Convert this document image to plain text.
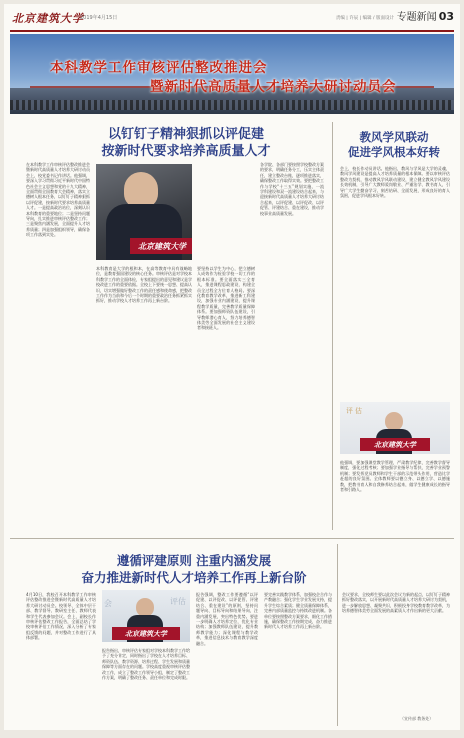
北京建筑大学
2019年4月15日	责编 | 许辰 | 编辑 / 版面设计 专题新闻 03
本科教学工作审核评估整改推进会
暨新时代高质量人才培养大研讨动员会
以钉钉子精神狠抓以评促建
按新时代要求培养高质量人才
在本科教学工作审核评估整改推进会暨新时代高质量人才培养大研讨动员会上，校党委书记作讲话。他强调，要深入学习贯彻习近平新时代中国特色社会主义思想和党的十九大精神，全面贯彻全国教育大会精神，落实立德树人根本任务，以钉钉子精神狠抓以评促建，按新时代要求培养高质量人才。一是提高政治站位，深刻认识本科教育的重要地位；二是坚持问题导向，扎实推进审核评估整改工作；三是聚焦内涵发展，全面提升人才培养质量；四是加强组织领导，确保各项工作落到实处。
北京建筑大学
本科教育是大学的根和本，在高等教育中具有战略地位，是教育强国建设的核心任务。审核评估是对学校本科教学工作的全面体检，专家组提出的意见和建议是学校改进工作的重要依据。全校上下要统一思想、提高认识，切实增强做好整改工作的责任感和使命感，把整改工作作为当前和今后一个时期的重要政治任务抓紧抓实抓好，推动学校人才培养工作再上新台阶。
要坚持以学生为中心，把立德树人成效作为检验学校一切工作的根本标准。要全面落实三全育人，推进课程思政建设，构建全员全过程全方位育人格局。要深化教育教学改革，推进新工科建设，加强专业内涵建设，提升课程教学质量，完善教学质量保障体系。要加强师资队伍建设，引导教师潜心育人，努力培养德智体美劳全面发展的社会主义建设者和接班人。
各学院、各部门要按照学校整改方案的要求，明确任务分工，压实主体责任，建立整改台账，逐项推进落实，确保整改工作取得实效。要把整改工作与学校“十三五”规划实施、一流学科建设和双一流建设结合起来，与迎接新时代高质量人才培养大研讨结合起来，以评促建、以评促改、以评促管、评建结合、重在建设，推动学校事业高质量发展。
教风学风联动
促进学风根本好转
会上，校长作动员讲话。他指出，教风与学风是大学的灵魂，教风学风建设是提高人才培养质量的根本保障。要以审核评估整改为契机，推动教风学风联动建设，建立健全教风学风建设长效机制，引导广大教师爱岗敬业、严谨治学、教书育人，引导广大学生勤奋学习、刻苦钻研、全面发展，形成良好的育人氛围，促进学风根本好转。
评估
北京建筑大学
他强调，要加强课堂教学管理，严肃教学纪律，完善教学督导制度，强化过程考核；要加强学业指导与帮扶，完善学业预警机制；要发挥党员教师和学生干部的示范带头作用，营造比学赶超的良好氛围。全体教师要以德立身、以德立学、以德施教，把教书育人和自我修养结合起来，做学生健康成长的指导者和引路人。
遵循评建原则 注重内涵发展
奋力推进新时代人才培养工作再上新台阶
4月10日，我校召开本科教学工作审核评估整改推进会暨新时代高质量人才培养大研讨动员会。校领导、全体中层干部、教学督导、教研室主任、教师代表和学生代表参加会议。会上，副校长作审核评估整改工作报告，全面总结了学校审核评估工作情况，深入分析了专家组反馈的问题，并对整改工作进行了具体部署。
会	评估
北京建筑大学
报告指出，审核评估专家组对学校本科教学工作给予了充分肯定，同时指出了学校在人才培养目标、师资队伍、教学资源、培养过程、学生发展和质量保障等方面存在的问题。学校高度重视审核评估整改工作，成立了整改工作领导小组，制定了整改工作方案，明确了整改任务、责任单位和完成时限。
报告强调，整改工作要遵循“以评促建、以评促改、以评促管、评建结合、重在建设”的原则，坚持问题导向、目标导向和结果导向，注重内涵发展，突出特色优势。要进一步明确人才培养定位，优化专业结构；加强教师队伍建设，提升教师教学能力；深化课程与教学改革，推进信息技术与教育教学深度融合。
要完善实践教学体系，加强校企合作与产教融合；强化学生学业发展支持，提升学生综合素质；健全质量保障体系，完善内部质量监控与持续改进机制。各单位要按照整改方案要求，细化工作措施，确保整改工作按期完成，奋力推进新时代人才培养工作再上新台阶。
会议要求，全校师生要以此次会议为新的起点，以钉钉子精神抓好整改落实，以开展新时代高质量人才培养大研讨为契机，进一步解放思想、凝聚共识，积极投身学校教育教学改革，为培养德智体美劳全面发展的高素质人才作出新的更大贡献。
（宣传部 教务处）
